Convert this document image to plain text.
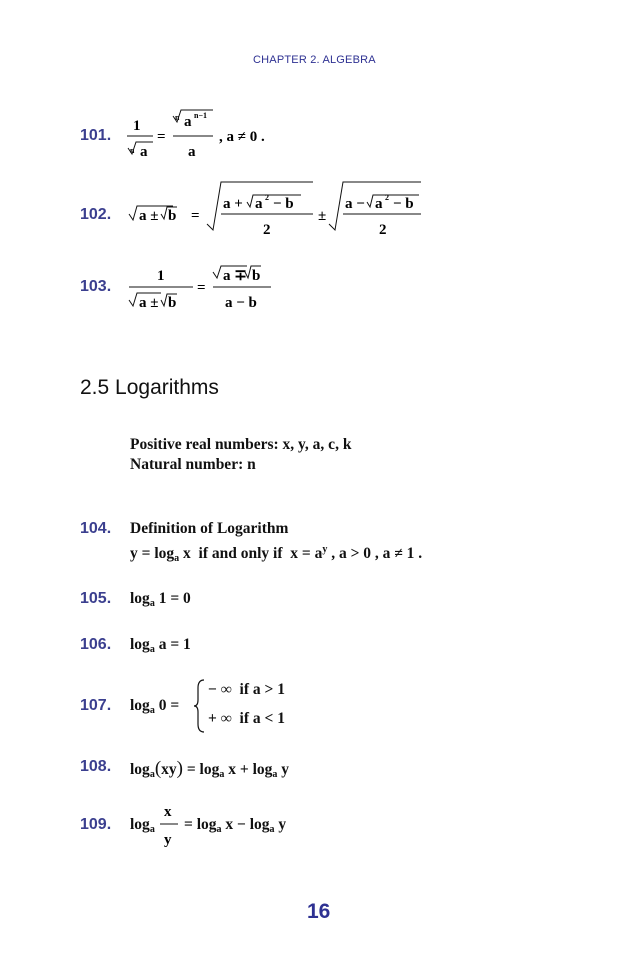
CHAPTER 2. ALGEBRA
101.
1
n a
=
n a n−1
a
, a ≠ 0 .
102. a ± b =
a + a 2 − b
2
±
a − a 2 − b
2
103.
1
a ± b
=
a ∓ b
a − b
2.5 Logarithms
Positive real numbers: x, y, a, c, k
Natural number: n
104. Definition of Logarithm
$y = \log_a x$  if and only if  $x = a^y$ , a > 0 , a ≠ 1 .
105. $\log_a 1 = 0$
106. $\log_a a = 1$
107. $\log_a 0$ =
− ∞  if a > 1
+ ∞  if a < 1
108. $\log_a(xy) = \log_a x + \log_a y$
109. $\log_a$
x
y
= $\log_a x - \log_a y$
16
